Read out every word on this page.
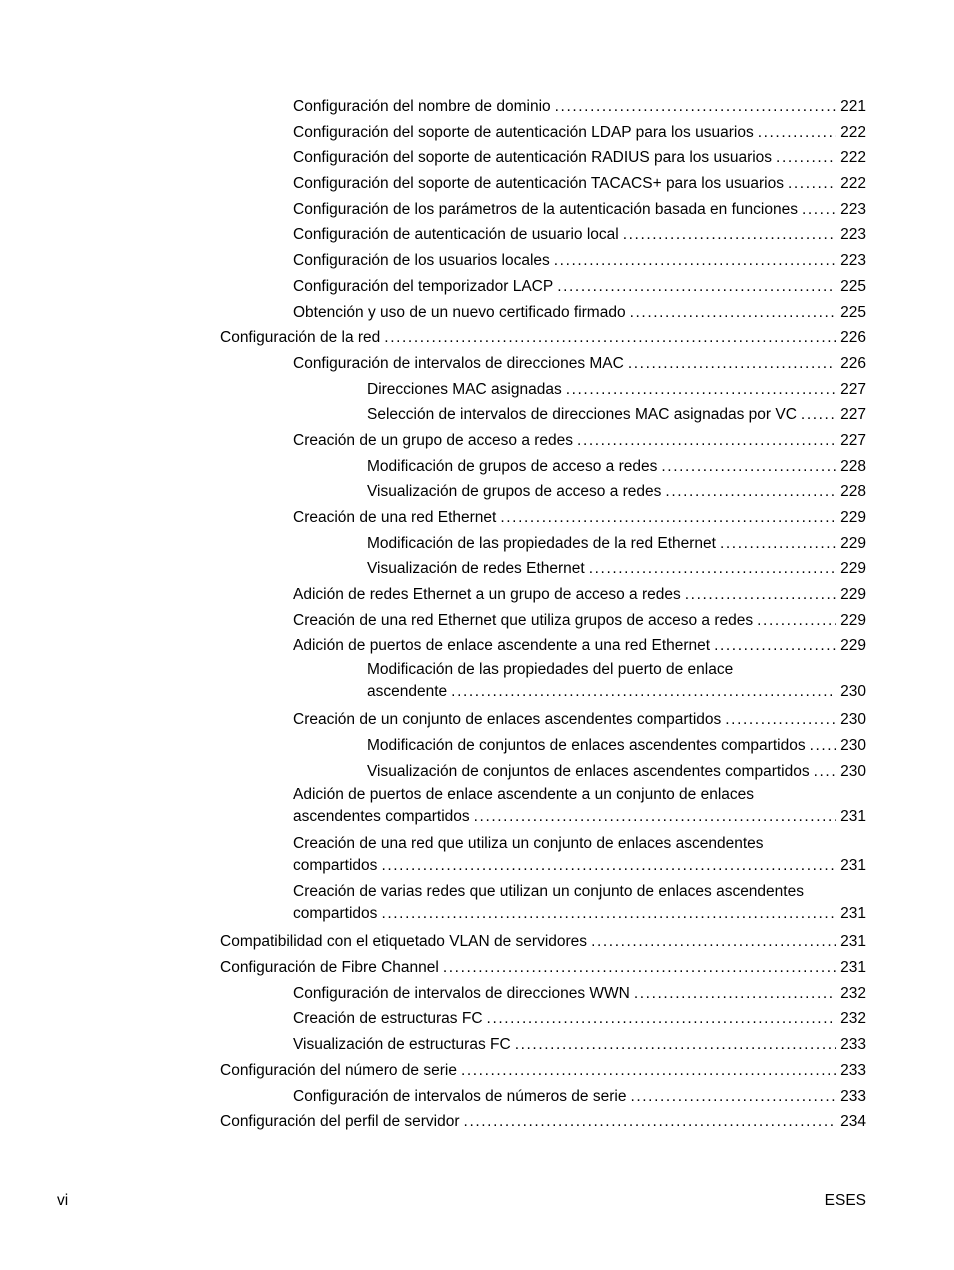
Configuración del nombre de dominio .....	221
Configuración del soporte de autenticación LDAP para los usuarios .....	222
Configuración del soporte de autenticación RADIUS para los usuarios .....	222
Configuración del soporte de autenticación TACACS+ para los usuarios .....	222
Configuración de los parámetros de la autenticación basada en funciones .....	223
Configuración de autenticación de usuario local .....	223
Configuración de los usuarios locales .....	223
Configuración del temporizador LACP .....	225
Obtención y uso de un nuevo certificado firmado .....	225
Configuración de la red .....	226
Configuración de intervalos de direcciones MAC .....	226
Direcciones MAC asignadas .....	227
Selección de intervalos de direcciones MAC asignadas por VC .....	227
Creación de un grupo de acceso a redes .....	227
Modificación de grupos de acceso a redes .....	228
Visualización de grupos de acceso a redes .....	228
Creación de una red Ethernet .....	229
Modificación de las propiedades de la red Ethernet .....	229
Visualización de redes Ethernet .....	229
Adición de redes Ethernet a un grupo de acceso a redes .....	229
Creación de una red Ethernet que utiliza grupos de acceso a redes .....	229
Adición de puertos de enlace ascendente a una red Ethernet .....	229
Modificación de las propiedades del puerto de enlace
ascendente .....	230
Creación de un conjunto de enlaces ascendentes compartidos .....	230
Modificación de conjuntos de enlaces ascendentes compartidos ..... 230
Visualización de conjuntos de enlaces ascendentes compartidos ..... 230
Adición de puertos de enlace ascendente a un conjunto de enlaces
ascendentes compartidos .....	231
Creación de una red que utiliza un conjunto de enlaces ascendentes
compartidos .....	231
Creación de varias redes que utilizan un conjunto de enlaces ascendentes
compartidos .....	231
Compatibilidad con el etiquetado VLAN de servidores .....	231
Configuración de Fibre Channel .....	231
Configuración de intervalos de direcciones WWN .....	232
Creación de estructuras FC .....	232
Visualización de estructuras FC .....	233
Configuración del número de serie .....	233
Configuración de intervalos de números de serie .....	233
Configuración del perfil de servidor .....	234
vi	ESES
